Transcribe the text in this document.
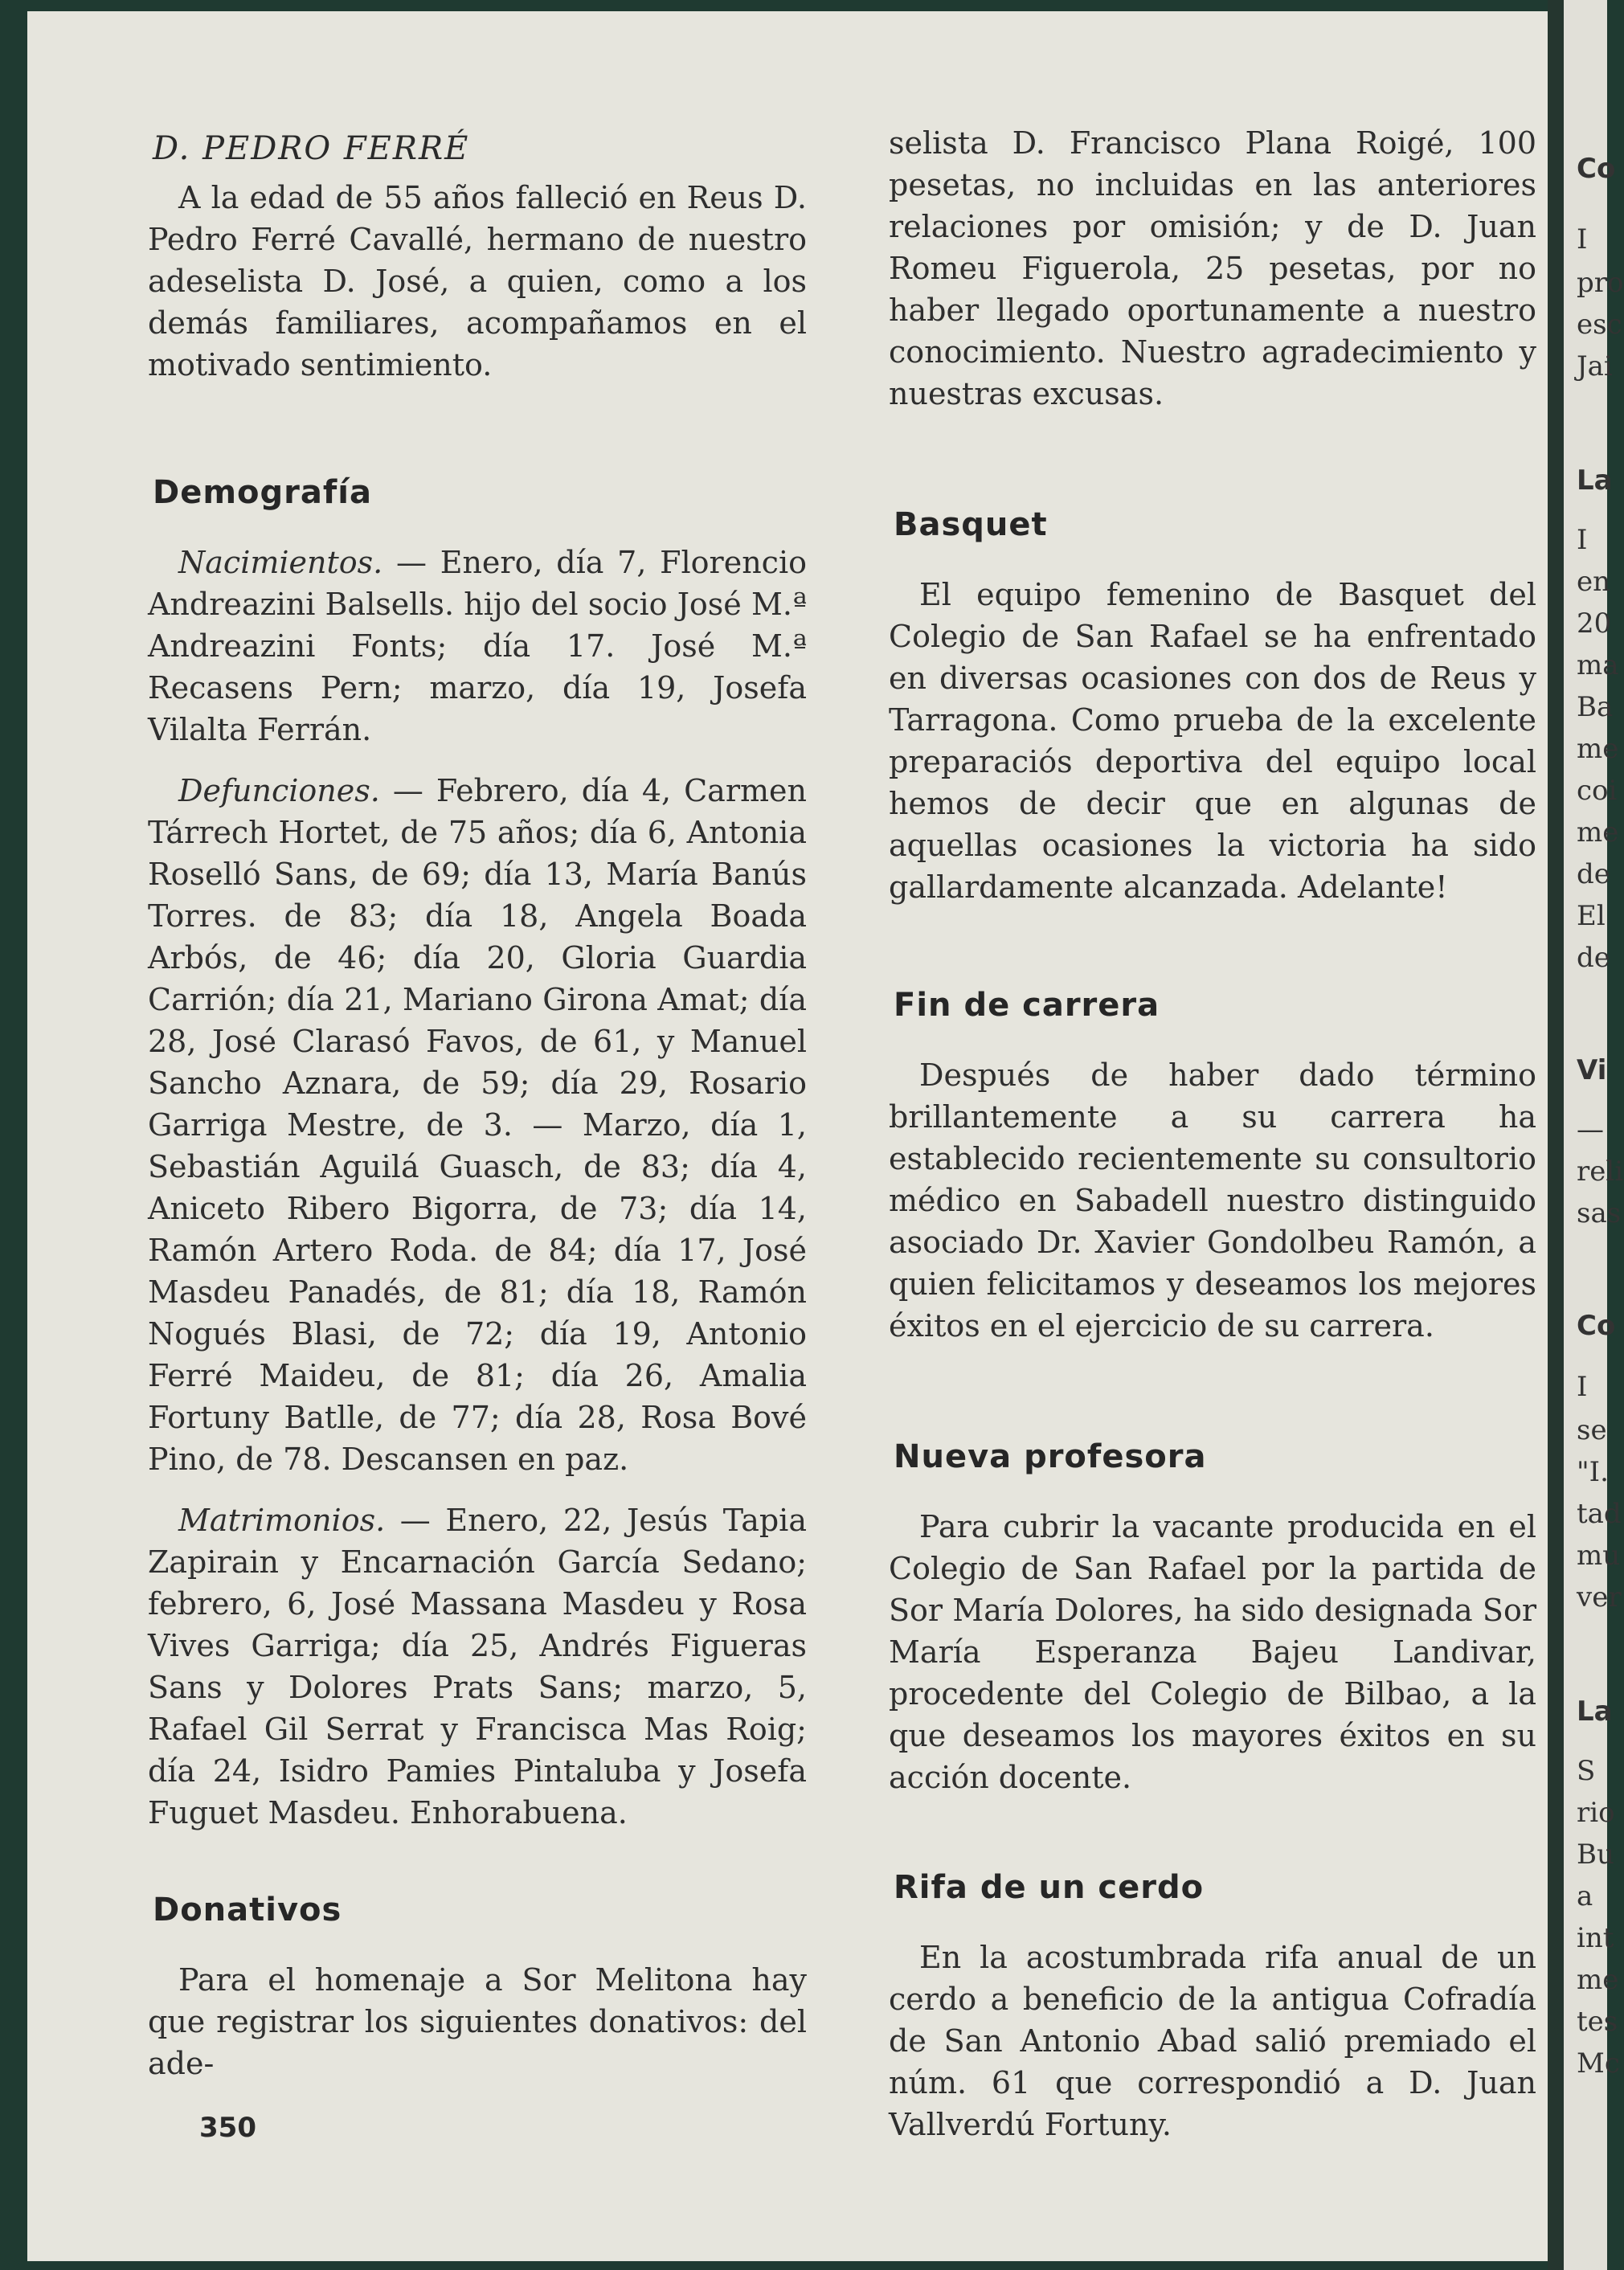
Co
I
pro
esc
Jai
La
I
en
20
ma
Ba
me
coi
me
de
El
de
Vi
—
reli
sas
Co
I
se
"I.
tad
mu
ver
La
S
rio
Bu
a
int
me
tes
Mc
D. PEDRO FERRÉ

A la edad de 55 años falleció en Reus D. Pedro Ferré Cavallé, hermano de nuestro adeselista D. José, a quien, como a los demás familiares, acompañamos en el motivado sentimiento.

Demografía

Nacimientos. — Enero, día 7, Florencio Andreazini Balsells. hijo del socio José M.ª Andreazini Fonts; día 17. José M.ª Recasens Pern; marzo, día 19, Josefa Vilalta Ferrán.

Defunciones. — Febrero, día 4, Carmen Tárrech Hortet, de 75 años; día 6, Antonia Roselló Sans, de 69; día 13, María Banús Torres. de 83; día 18, Angela Boada Arbós, de 46; día 20, Gloria Guardia Carrión; día 21, Mariano Girona Amat; día 28, José Clarasó Favos, de 61, y Manuel Sancho Aznara, de 59; día 29, Rosario Garriga Mestre, de 3. — Marzo, día 1, Sebastián Aguilá Guasch, de 83; día 4, Aniceto Ribero Bigorra, de 73; día 14, Ramón Artero Roda. de 84; día 17, José Masdeu Panadés, de 81; día 18, Ramón Nogués Blasi, de 72; día 19, Antonio Ferré Maideu, de 81; día 26, Amalia Fortuny Batlle, de 77; día 28, Rosa Bové Pino, de 78. Descansen en paz.

Matrimonios. — Enero, 22, Jesús Tapia Zapirain y Encarnación García Sedano; febrero, 6, José Massana Masdeu y Rosa Vives Garriga; día 25, Andrés Figueras Sans y Dolores Prats Sans; marzo, 5, Rafael Gil Serrat y Francisca Mas Roig; día 24, Isidro Pamies Pintaluba y Josefa Fuguet Masdeu. Enhorabuena.

Donativos

Para el homenaje a Sor Melitona hay que registrar los siguientes donativos: del ade-

selista D. Francisco Plana Roigé, 100 pesetas, no incluidas en las anteriores relaciones por omisión; y de D. Juan Romeu Figuerola, 25 pesetas, por no haber llegado oportunamente a nuestro conocimiento. Nuestro agradecimiento y nuestras excusas.

Basquet

El equipo femenino de Basquet del Colegio de San Rafael se ha enfrentado en diversas ocasiones con dos de Reus y Tarragona. Como prueba de la excelente preparaciós deportiva del equipo local hemos de decir que en algunas de aquellas ocasiones la victoria ha sido gallardamente alcanzada. Adelante!

Fin de carrera

Después de haber dado término brillantemente a su carrera ha establecido recientemente su consultorio médico en Sabadell nuestro distinguido asociado Dr. Xavier Gondolbeu Ramón, a quien felicitamos y deseamos los mejores éxitos en el ejercicio de su carrera.

Nueva profesora

Para cubrir la vacante producida en el Colegio de San Rafael por la partida de Sor María Dolores, ha sido designada Sor María Esperanza Bajeu Landivar, procedente del Colegio de Bilbao, a la que deseamos los mayores éxitos en su acción docente.

Rifa de un cerdo

En la acostumbrada rifa anual de un cerdo a beneficio de la antigua Cofradía de San Antonio Abad salió premiado el núm. 61 que correspondió a D. Juan Vallverdú Fortuny.

350
